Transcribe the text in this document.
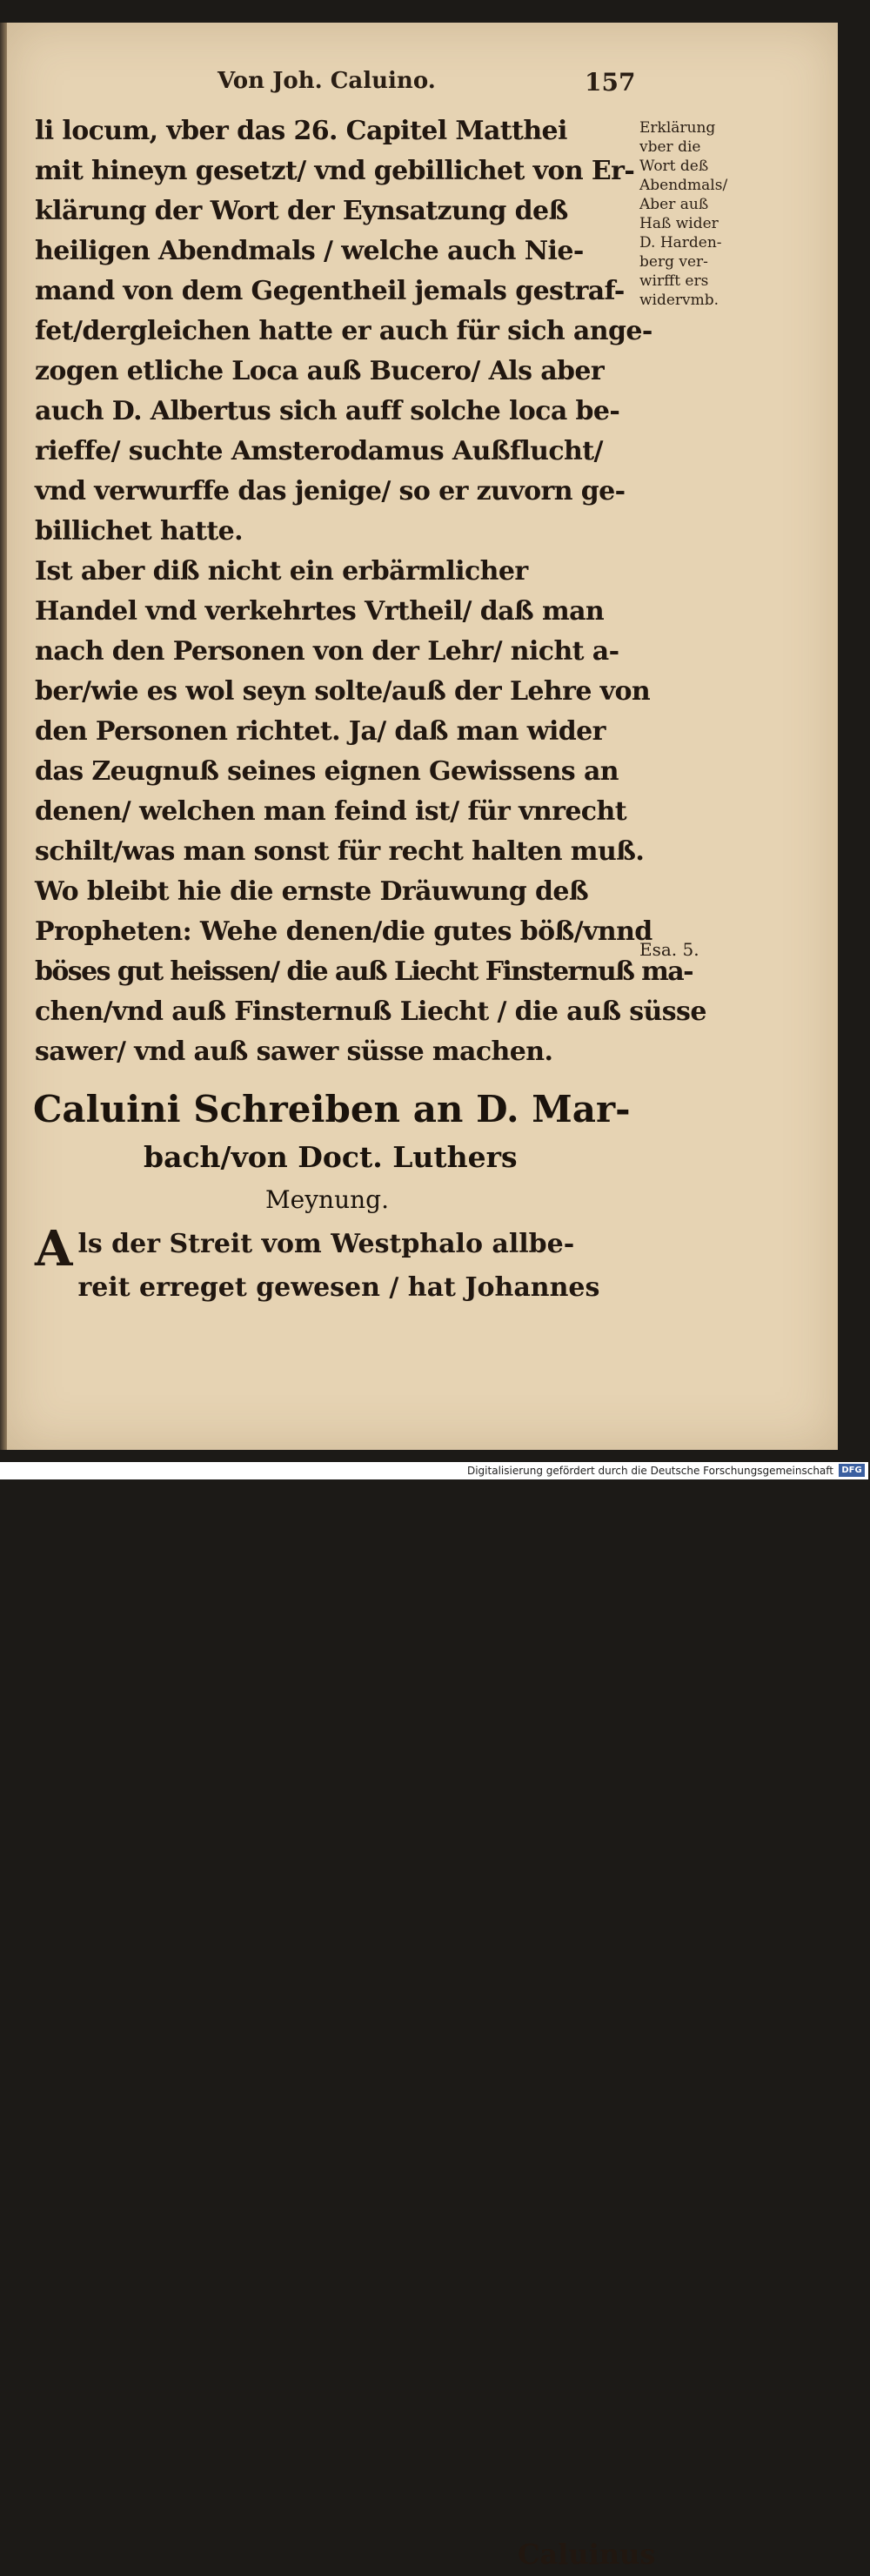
Von Joh. Caluino.	157
li locum, vber das 26. Capitel Matthei
mit hineyn gesetzt/ vnd gebillichet von Er-
klärung der Wort der Eynsatzung deß
heiligen Abendmals / welche auch Nie-
mand von dem Gegentheil jemals gestraf-
fet/dergleichen hatte er auch für sich ange-
zogen etliche Loca auß Bucero/ Als aber
auch D. Albertus sich auff solche loca be-
rieffe/ suchte Amsterodamus Außflucht/
vnd verwurffe das jenige/ so er zuvorn ge-
billichet hatte.
Ist aber diß nicht ein erbärmlicher
Handel vnd verkehrtes Vrtheil/ daß man
nach den Personen von der Lehr/ nicht a-
ber/wie es wol seyn solte/auß der Lehre von
den Personen richtet. Ja/ daß man wider
das Zeugnuß seines eignen Gewissens an
denen/ welchen man feind ist/ für vnrecht
schilt/was man sonst für recht halten muß.
Wo bleibt hie die ernste Dräuwung deß
Propheten: Wehe denen/die gutes böß/vnnd
böses gut heissen/ die auß Liecht Finsternuß ma-
chen/vnd auß Finsternuß Liecht / die auß süsse
sawer/ vnd auß sawer süsse machen.
Caluini Schreiben an D. Mar-
bach/von Doct. Luthers
Meynung.
A ls der Streit vom Westphalo allbe-
reit erreget gewesen / hat Johannes
Caluinus
Erklärung
vber die
Wort deß
Abendmals/
Aber auß
Haß wider
D. Harden-
berg ver-
wirfft ers
widervmb.
Esa. 5.
Digitalisierung gefördert durch die Deutsche Forschungsgemeinschaft DFG
